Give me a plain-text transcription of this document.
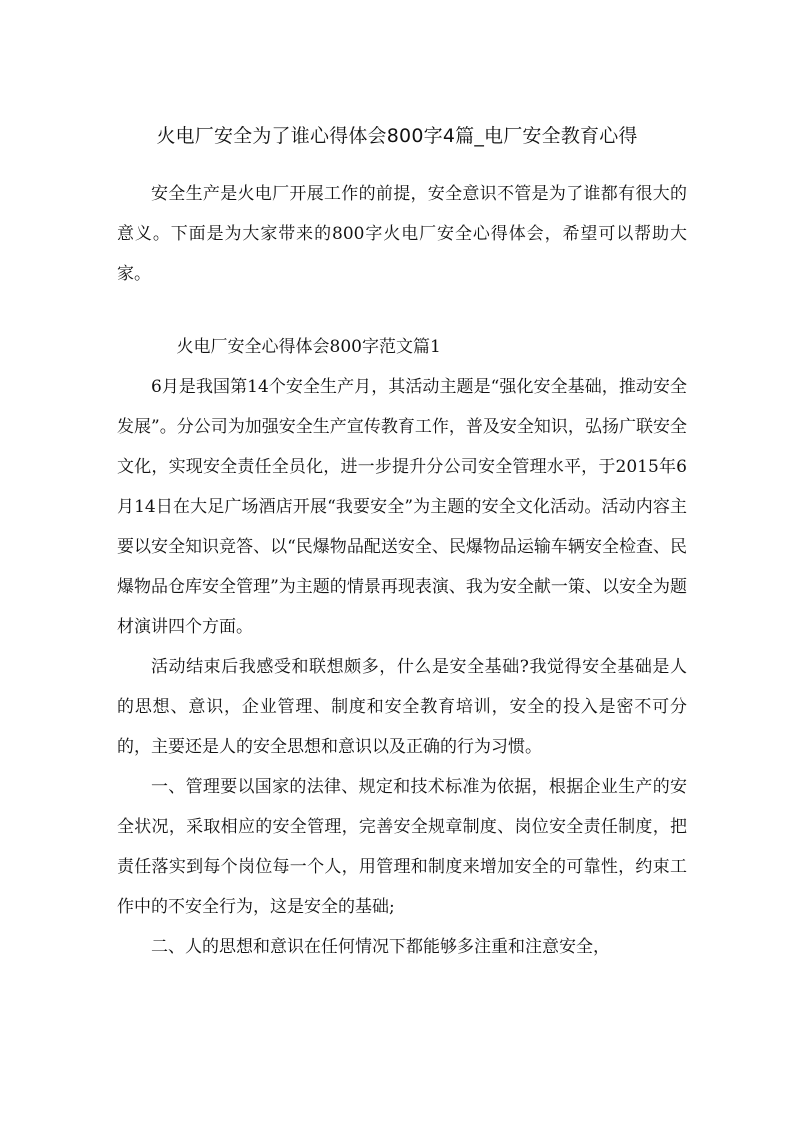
火电厂安全为了谁心得体会800字4篇_电厂安全教育心得

安全生产是火电厂开展工作的前提，安全意识不管是为了谁都有很大的意义。下面是为大家带来的800字火电厂安全心得体会，希望可以帮助大家。

火电厂安全心得体会800字范文篇1

6月是我国第14个安全生产月，其活动主题是“强化安全基础，推动安全发展”。分公司为加强安全生产宣传教育工作，普及安全知识，弘扬广联安全文化，实现安全责任全员化，进一步提升分公司安全管理水平，于2015年6月14日在大足广场酒店开展“我要安全”为主题的安全文化活动。活动内容主要以安全知识竞答、以“民爆物品配送安全、民爆物品运输车辆安全检查、民爆物品仓库安全管理”为主题的情景再现表演、我为安全献一策、以安全为题材演讲四个方面。

活动结束后我感受和联想颇多，什么是安全基础?我觉得安全基础是人的思想、意识，企业管理、制度和安全教育培训，安全的投入是密不可分的，主要还是人的安全思想和意识以及正确的行为习惯。

一、管理要以国家的法律、规定和技术标准为依据，根据企业生产的安全状况，采取相应的安全管理，完善安全规章制度、岗位安全责任制度，把责任落实到每个岗位每一个人，用管理和制度来增加安全的可靠性，约束工作中的不安全行为，这是安全的基础;

二、人的思想和意识在任何情况下都能够多注重和注意安全，
